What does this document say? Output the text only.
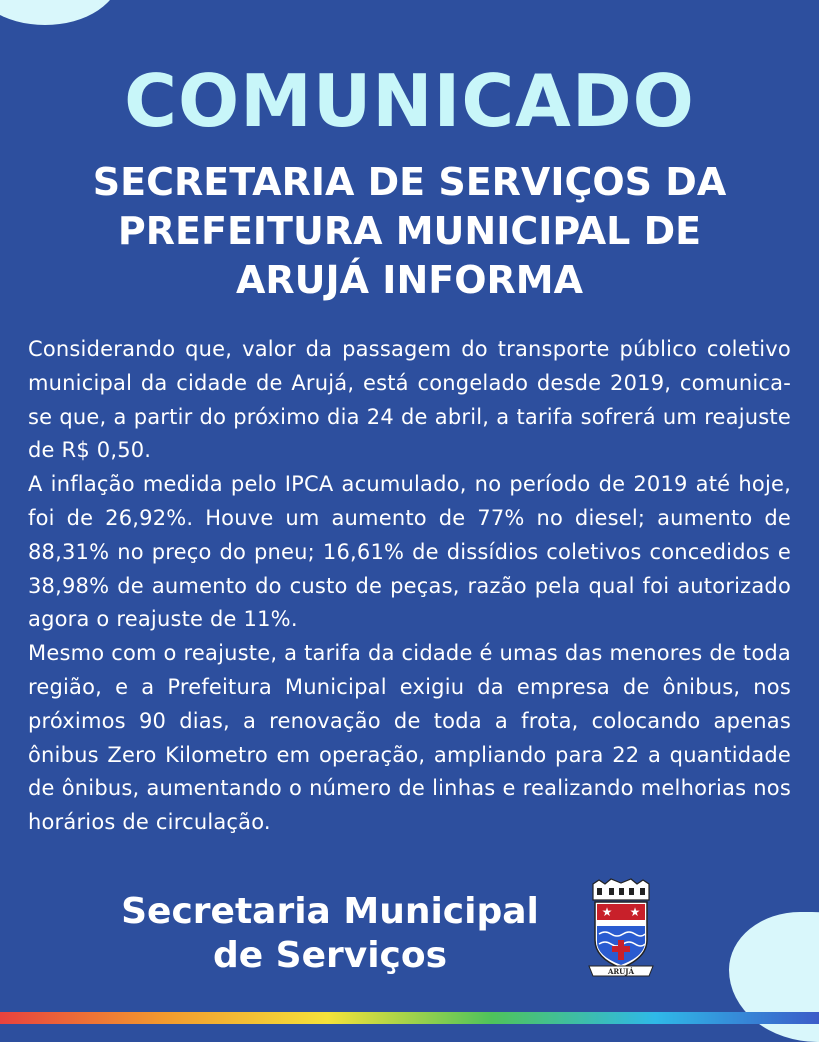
COMUNICADO
SECRETARIA DE SERVIÇOS DA
PREFEITURA MUNICIPAL DE
ARUJÁ INFORMA

Considerando que, valor da passagem do transporte público coletivo municipal da cidade de Arujá, está congelado desde 2019, comunica-se que, a partir do próximo dia 24 de abril, a tarifa sofrerá um reajuste de R$ 0,50.

A inflação medida pelo IPCA acumulado, no período de 2019 até hoje, foi de 26,92%. Houve um aumento de 77% no diesel; aumento de 88,31% no preço do pneu; 16,61% de dissídios coletivos concedidos e 38,98% de aumento do custo de peças, razão pela qual foi autorizado agora o reajuste de 11%.

Mesmo com o reajuste, a tarifa da cidade é umas das menores de toda região, e a Prefeitura Municipal exigiu da empresa de ônibus, nos próximos 90 dias, a renovação de toda a frota, colocando apenas ônibus Zero Kilometro em operação, ampliando para 22 a quantidade de ônibus, aumentando o número de linhas e realizando melhorias nos horários de circulação.

Secretaria Municipal
de Serviços
★ ★
ARUJÁ
